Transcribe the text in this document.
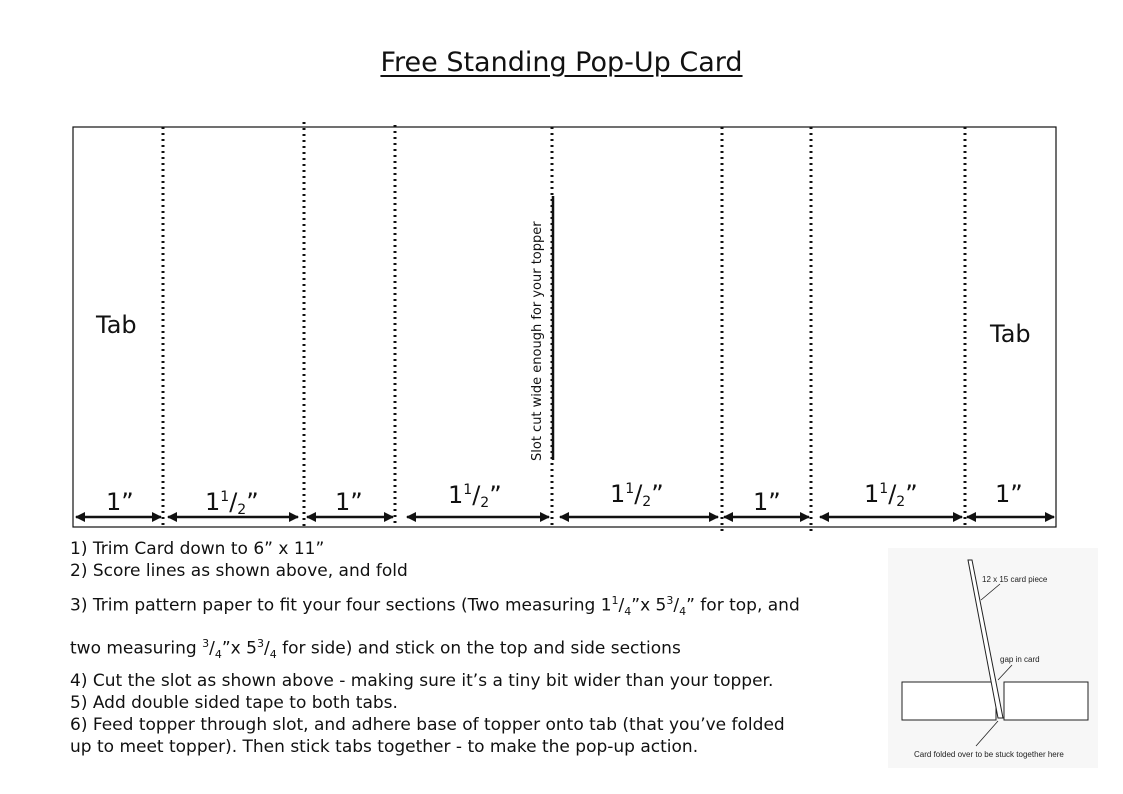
Free Standing Pop-Up Card
Slot cut wide enough for your topper
Tab	Tab
1”	11/2”	1”	11/2”	11/2”	1”	11/2”	1”
1) Trim Card down to 6” x 11”
2) Score lines as shown above, and fold
3) Trim pattern paper to fit your four sections (Two measuring $1^1/_4”x$ $5^3/_4$” for top, and
two measuring $^3/_4”x$ $5^3/_4$ for side) and stick on the top and side sections
4) Cut the slot as shown above - making sure it’s a tiny bit wider than your topper.
5) Add double sided tape to both tabs.
6) Feed topper through slot, and adhere base of topper onto tab (that you’ve folded
up to meet topper). Then stick tabs together - to make the pop-up action.
12 x 15 card piece
gap in card
Card folded over to be stuck together here
